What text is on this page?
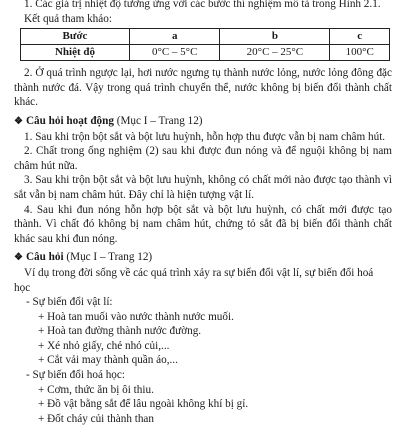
1. Các giá trị nhiệt độ tương ứng với các bước thí nghiệm mô tả trong Hình 2.1.

Kết quả tham khảo:

Bước	a	b	c
Nhiệt độ	0°C – 5°C	20°C – 25°C	100°C

2. Ở quá trình ngược lại, hơi nước ngưng tụ thành nước lỏng, nước lỏng đông đặc thành nước đá. Vậy trong quá trình chuyển thể, nước không bị biến đổi thành chất khác.

❖ Câu hỏi hoạt động (Mục I – Trang 12)

1. Sau khi trộn bột sắt và bột lưu huỳnh, hỗn hợp thu được vẫn bị nam châm hút.

2. Chất trong ống nghiệm (2) sau khi được đun nóng và để nguội không bị nam châm hút nữa.

3. Sau khi trộn bột sắt và bột lưu huỳnh, không có chất mới nào được tạo thành vì sắt vẫn bị nam châm hút. Đây chỉ là hiện tượng vật lí.

4. Sau khi đun nóng hỗn hợp bột sắt và bột lưu huỳnh, có chất mới được tạo thành. Vì chất đó không bị nam châm hút, chứng tỏ sắt đã bị biến đổi thành chất khác sau khi đun nóng.

❖ Câu hỏi (Mục I – Trang 12)

Ví dụ trong đời sống về các quá trình xảy ra sự biến đổi vật lí, sự biến đổi hoá học

- Sự biến đổi vật lí:

+ Hoà tan muối vào nước thành nước muối.

+ Hoà tan đường thành nước đường.

+ Xé nhỏ giấy, chẻ nhỏ củi,...

+ Cắt vải may thành quần áo,...

- Sự biến đổi hoá học:

+ Cơm, thức ăn bị ôi thiu.

+ Đồ vật bằng sắt để lâu ngoài không khí bị gỉ.

+ Đốt cháy củi thành than
